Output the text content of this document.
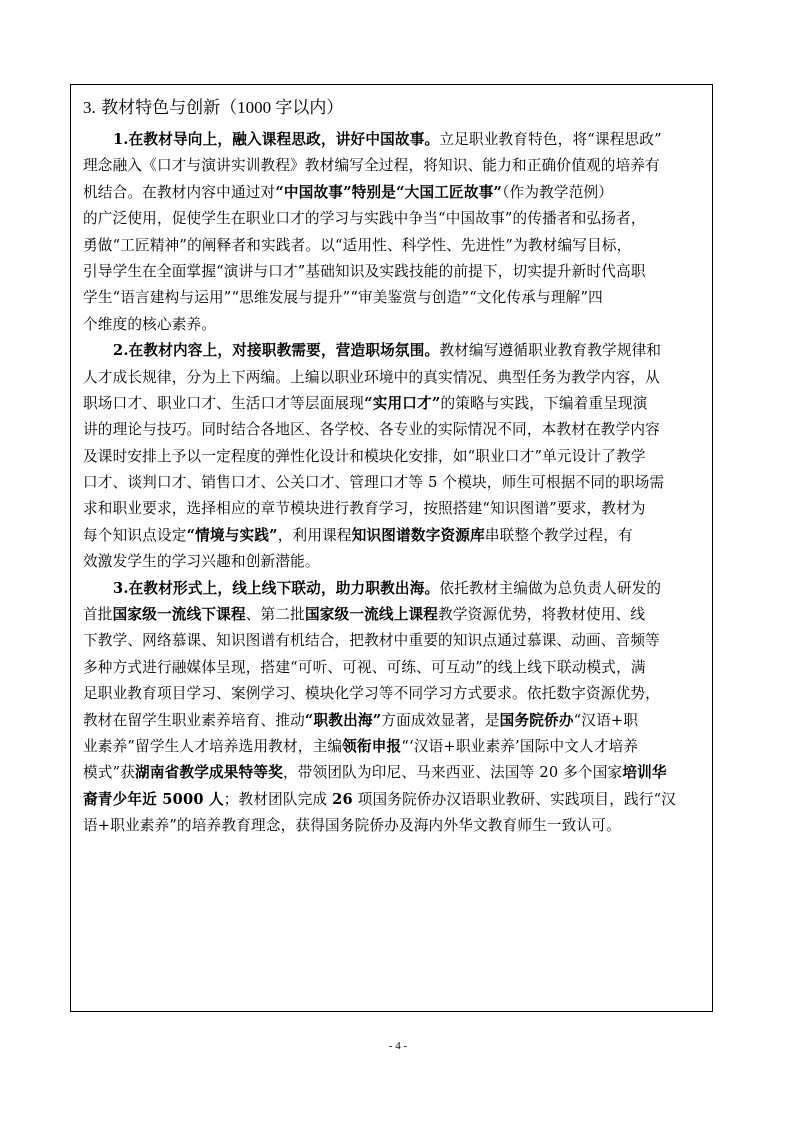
3. 教材特色与创新（1000 字以内）
1.在教材导向上，融入课程思政，讲好中国故事。立足职业教育特色，将“课程思政”
理念融入《口才与演讲实训教程》教材编写全过程，将知识、能力和正确价值观的培养有
机结合。在教材内容中通过对“中国故事”特别是“大国工匠故事”（作为教学范例）
的广泛使用，促使学生在职业口才的学习与实践中争当“中国故事”的传播者和弘扬者，
勇做“工匠精神”的阐释者和实践者。以“适用性、科学性、先进性”为教材编写目标，
引导学生在全面掌握“演讲与口才”基础知识及实践技能的前提下，切实提升新时代高职
学生“语言建构与运用”“思维发展与提升”“审美鉴赏与创造”“文化传承与理解”四
个维度的核心素养。
2.在教材内容上，对接职教需要，营造职场氛围。教材编写遵循职业教育教学规律和
人才成长规律，分为上下两编。上编以职业环境中的真实情况、典型任务为教学内容，从
职场口才、职业口才、生活口才等层面展现“实用口才”的策略与实践，下编着重呈现演
讲的理论与技巧。同时结合各地区、各学校、各专业的实际情况不同，本教材在教学内容
及课时安排上予以一定程度的弹性化设计和模块化安排，如“职业口才”单元设计了教学
口才、谈判口才、销售口才、公关口才、管理口才等 5 个模块，师生可根据不同的职场需
求和职业要求，选择相应的章节模块进行教育学习，按照搭建“知识图谱”要求，教材为
每个知识点设定“情境与实践”，利用课程知识图谱数字资源库串联整个教学过程，有
效激发学生的学习兴趣和创新潜能。
3.在教材形式上，线上线下联动，助力职教出海。依托教材主编做为总负责人研发的
首批国家级一流线下课程、第二批国家级一流线上课程教学资源优势，将教材使用、线
下教学、网络慕课、知识图谱有机结合，把教材中重要的知识点通过慕课、动画、音频等
多种方式进行融媒体呈现，搭建“可听、可视、可练、可互动”的线上线下联动模式，满
足职业教育项目学习、案例学习、模块化学习等不同学习方式要求。依托数字资源优势，
教材在留学生职业素养培育、推动“职教出海”方面成效显著，是国务院侨办“汉语+职
业素养”留学生人才培养选用教材，主编领衔申报“‘汉语+职业素养’国际中文人才培养
模式”获湖南省教学成果特等奖，带领团队为印尼、马来西亚、法国等 20 多个国家培训华
裔青少年近 5000 人；教材团队完成 26 项国务院侨办汉语职业教研、实践项目，践行“汉
语+职业素养”的培养教育理念，获得国务院侨办及海内外华文教育师生一致认可。
- 4 -
